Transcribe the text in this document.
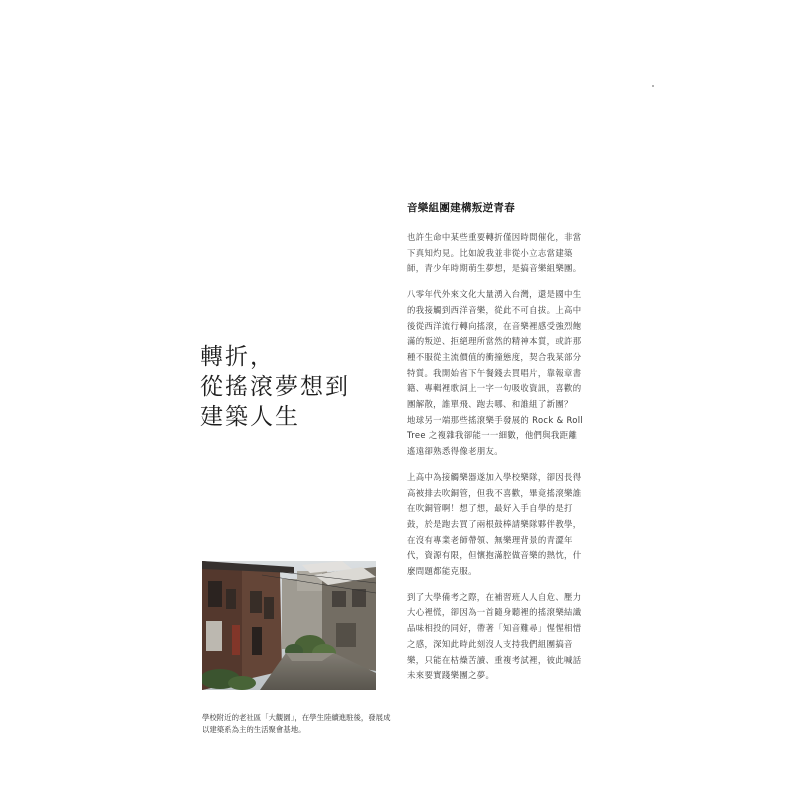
轉折，
從搖滾夢想到
建築人生

學校附近的老社區「大觀園」，在學生陸續進駐後，發展成

以建築系為主的生活聚會基地。

音樂組團建構叛逆青春
也許生命中某些重要轉折僅因時間催化，非當
下真知灼見。比如說我並非從小立志當建築
師，青少年時期萌生夢想，是搞音樂組樂團。
八零年代外來文化大量湧入台灣，還是國中生
的我接觸到西洋音樂，從此不可自拔。上高中
後從西洋流行轉向搖滾，在音樂裡感受強烈飽
滿的叛逆、拒絕理所當然的精神本質，或許那
種不服從主流價值的衝撞態度，契合我某部分
特質。我開始省下午餐錢去買唱片，靠報章書
籍、專輯裡歌詞上一字一句吸收資訊，喜歡的
團解散，誰單飛、跑去哪、和誰組了新團？
地球另一端那些搖滾樂手發展的 Rock & Roll
Tree 之複雜我卻能一一細數，他們與我距離
遙遠卻熟悉得像老朋友。
上高中為接觸樂器遂加入學校樂隊，卻因長得
高被排去吹銅管，但我不喜歡，畢竟搖滾樂誰
在吹銅管啊！想了想，最好入手自學的是打
鼓，於是跑去買了兩根鼓棒請樂隊夥伴教學，
在沒有專業老師帶領、無樂理背景的青澀年
代，資源有限，但懷抱滿腔做音樂的熱忱，什
麼問題都能克服。
到了大學備考之際，在補習班人人自危、壓力
大心裡慌，卻因為一首隨身聽裡的搖滾樂結識
品味相投的同好，帶著「知音難尋」惺惺相惜
之感，深知此時此刻沒人支持我們組團搞音
樂，只能在枯燥苦讀、重複考試裡，彼此喊話
未來要實踐樂團之夢。
